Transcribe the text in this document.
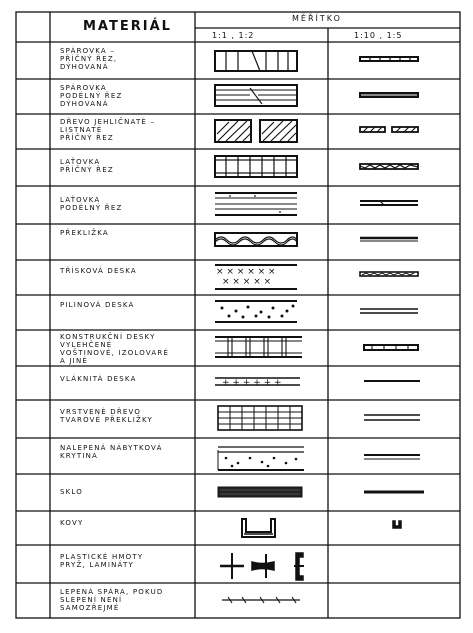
× × × × × ×
× × × × ×
+ + + + + +
MATERIÁL
MĚŘÍTKO
1:1 , 1:2	1:10 , 1:5
SPÁROVKA –
PŘÍČNÝ ŘEZ,
DÝHOVANÁ
SPÁROVKA
PODÉLNÝ ŘEZ
DÝHOVANÁ
DŘEVO JEHLIČNATÉ –
LISTNATÉ
PŘÍČNÝ ŘEZ
LAŤOVKA
PŘÍČNÝ ŘEZ
LAŤOVKA
PODÉLNÝ ŘEZ
PŘEKLIŽKA
TŘÍSKOVÁ DESKA
PILINOVÁ DESKA
KONSTRUKČNÍ DESKY
VYLEHČENÉ
VOŠTINOVÉ, IZOLOVARÉ
A JINÉ
VLÁKNITÁ DESKA
VRSTVENÉ DŘEVO
TVAROVÉ PŘEKLIŽKY
NALEPENÁ NÁBYTKOVÁ
KRYTINA
SKLO
KOVY
PLASTICKÉ HMOTY
PRYŽ, LAMINÁTY
LEPENÁ SPÁRA, POKUD
SLEPENÍ NENÍ
SAMOZŘEJMÉ
